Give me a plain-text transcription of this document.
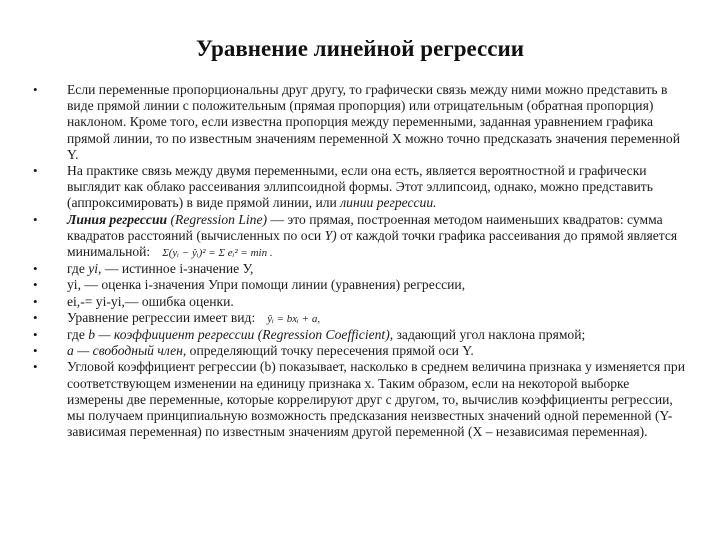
Уравнение линейной регрессии
• Если переменные пропорциональны друг другу, то графически связь между ними можно представить в виде прямой линии с положительным (прямая пропорция) или отрицательным (обратная пропорция) наклоном. Кроме того, если известна пропорция между переменными, заданная уравнением графика прямой линии, то по известным значениям переменной X можно точно предсказать значения переменной Y.
• На практике связь между двумя переменными, если она есть, является вероятностной и графически выглядит как облако рассеивания эллипсоидной формы. Этот эллипсоид, однако, можно представить (аппроксимировать) в виде прямой линии, или линии регрессии.
• Линия регрессии (Regression Line) — это прямая, построенная методом наименьших квадратов: сумма квадратов расстояний (вычисленных по оси Y) от каждой точки графика рассеивания до прямой является минимальной: Σ(yᵢ − ŷᵢ)² = Σ eᵢ² = min .
• где yi, — истинное i-значение У,
• yi, — оценка i-значения Упри помощи линии (уравнения) регрессии,
• ei,-= yi-yi,— ошибка оценки.
• Уравнение регрессии имеет вид: ŷᵢ = bxᵢ + a,
• где b — коэффициент регрессии (Regression Coefficient), задающий угол наклона прямой;
• а — свободный член, определяющий точку пересечения прямой оси Y.
• Угловой коэффициент регрессии (b) показывает, насколько в среднем величина признака у изменяется при соответствующем изменении на единицу признака х. Таким образом, если на некоторой выборке измерены две переменные, которые коррелируют друг с другом, то, вычислив коэффициенты регрессии, мы получаем принципиальную возможность предсказания неизвестных значений одной переменной (Y- зависимая переменная) по известным значениям другой переменной (X – независимая переменная).
